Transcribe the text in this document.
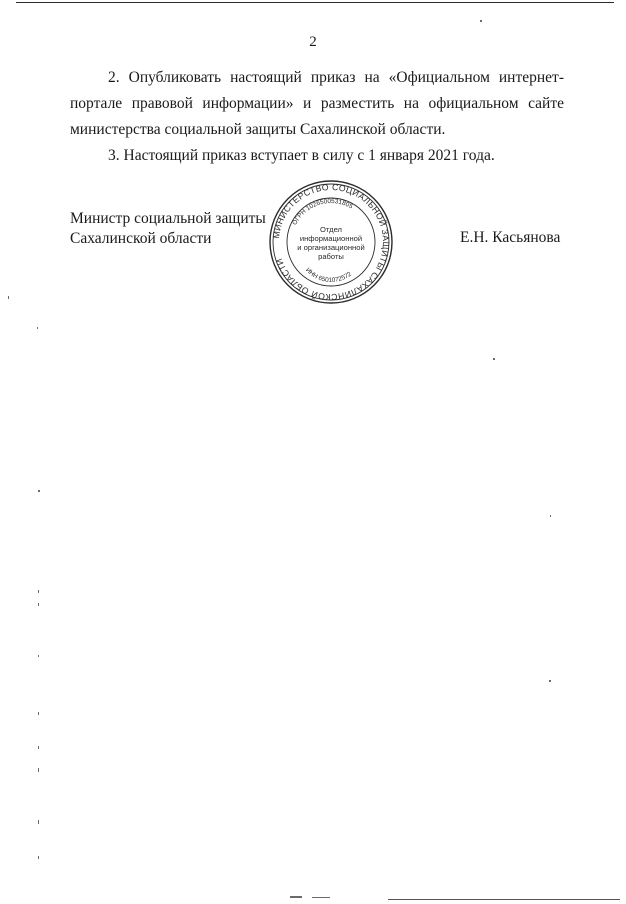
2
2. Опубликовать настоящий приказ на «Официальном интернет-
портале правовой информации» и разместить на официальном сайте
министерства социальной защиты Сахалинской области.
3. Настоящий приказ вступает в силу с 1 января 2021 года.
Министр социальной защиты
Сахалинской области	МИНИСТЕРСТВО СОЦИАЛЬНОЙ ЗАЩИТЫ САХАЛИНСКОЙ ОБЛАСТИ
ОГРН 1026500531805
ИНН 6501072572
Отдел
информационной
и организационной
работы
Е.Н. Касьянова
